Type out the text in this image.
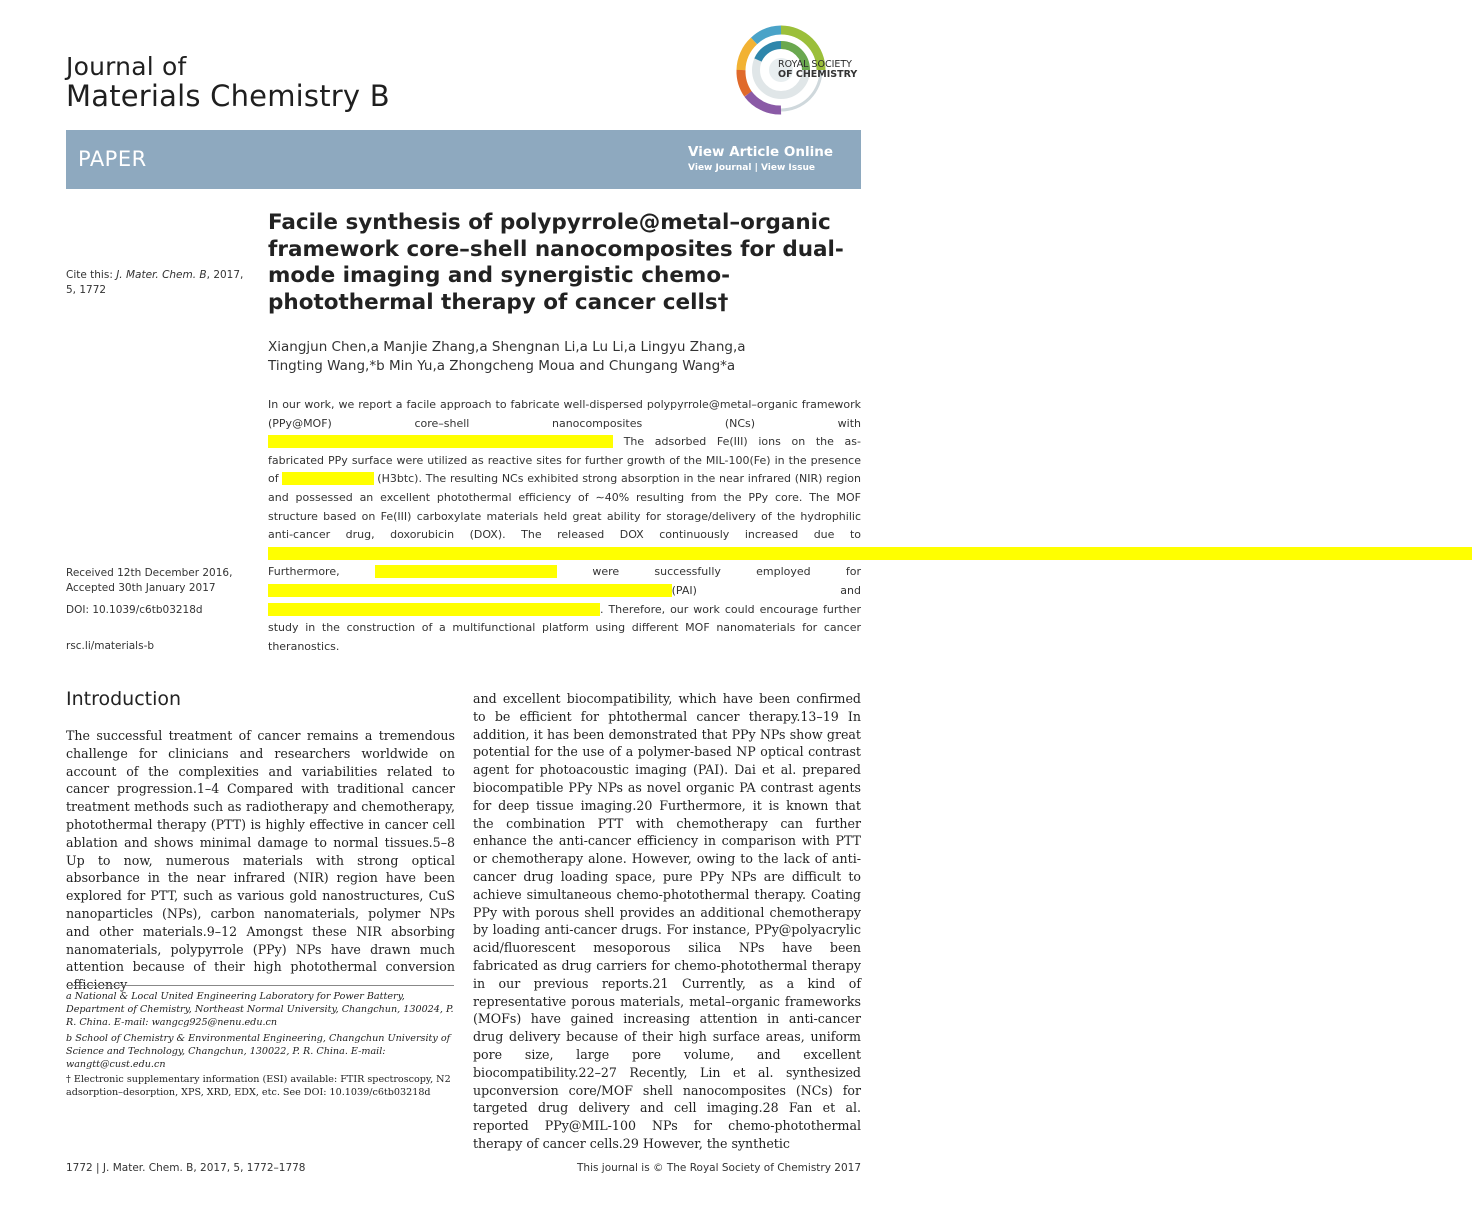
Journal of
Materials Chemistry B
ROYAL SOCIETY
OF CHEMISTRY
PAPER	View Article Online
View Journal | View Issue
Cite this: J. Mater. Chem. B, 2017,
5, 1772
Received 12th December 2016,
Accepted 30th January 2017
DOI: 10.1039/c6tb03218d
rsc.li/materials-b
Facile synthesis of polypyrrole@metal–organic framework core–shell nanocomposites for dual-mode imaging and synergistic chemo-photothermal therapy of cancer cells†
Xiangjun Chen,a Manjie Zhang,a Shengnan Li,a Lu Li,a Lingyu Zhang,a
Tingting Wang,*b Min Yu,a Zhongcheng Moua and Chungang Wang*a
In our work, we report a facile approach to fabricate well-dispersed polypyrrole@metal–organic framework (PPy@MOF) core–shell nanocomposites (NCs) with xxxxxxxxxxxxxxxxxxxxxxxxxxxxxxxxxxxxxxxxxxxxxxxxxxxxx The adsorbed Fe(III) ions on the as-fabricated PPy surface were utilized as reactive sites for further growth of the MIL-100(Fe) in the presence of xxxxxxxxxxxxxx (H3btc). The resulting NCs exhibited strong absorption in the near infrared (NIR) region and possessed an excellent photothermal efficiency of ∼40% resulting from the PPy core. The MOF structure based on Fe(III) carboxylate materials held great ability for storage/delivery of the hydrophilic anti-cancer drug, doxorubicin (DOX). The released DOX continuously increased due to xxxxxxxxxxxxxxxxxxxxxxxxxxxxxxxxxxxxxxxxxxxxxxxxxxxxxxxxxxxxxxxxxxxxxxxxxxxxxxxxxxxxxxxxxxxxxxxxxxxxxxxxxxxxxxxxxxxxxxxxxxxxxxxxxxxxxxxxxxxxxxxxxxxxxxxxxxxxxxxxxxxxxxxxxxxxxxxxxxxxxxxxx Furthermore,	xxxxxxxxxxxxxxxxxxxxxxxxxxxx	were successfully employed for xxxxxxxxxxxxxxxxxxxxxxxxxxxxxxxxxxxxxxxxxxxxxxxxxxxxxxxxxxxxxx(PAI) and xxxxxxxxxxxxxxxxxxxxxxxxxxxxxxxxxxxxxxxxxxxxxxxxxxx. Therefore, our work could encourage further study in the construction of a multifunctional platform using different MOF nanomaterials for cancer theranostics.
Introduction
The successful treatment of cancer remains a tremendous challenge for clinicians and researchers worldwide on account of the complexities and variabilities related to cancer progression.1–4 Compared with traditional cancer treatment methods such as radiotherapy and chemotherapy, photothermal therapy (PTT) is highly effective in cancer cell ablation and shows minimal damage to normal tissues.5–8 Up to now, numerous materials with strong optical absorbance in the near infrared (NIR) region have been explored for PTT, such as various gold nanostructures, CuS nanoparticles (NPs), carbon nanomaterials, polymer NPs and other materials.9–12 Amongst these NIR absorbing nanomaterials, polypyrrole (PPy) NPs have drawn much attention because of their high photothermal conversion efficiency
and excellent biocompatibility, which have been confirmed to be efficient for phtothermal cancer therapy.13–19 In addition, it has been demonstrated that PPy NPs show great potential for the use of a polymer-based NP optical contrast agent for photoacoustic imaging (PAI). Dai et al. prepared biocompatible PPy NPs as novel organic PA contrast agents for deep tissue imaging.20 Furthermore, it is known that the combination PTT with chemotherapy can further enhance the anti-cancer efficiency in comparison with PTT or chemotherapy alone. However, owing to the lack of anti-cancer drug loading space, pure PPy NPs are difficult to achieve simultaneous chemo-photothermal therapy. Coating PPy with porous shell provides an additional chemotherapy by loading anti-cancer drugs. For instance, PPy@polyacrylic acid/fluorescent mesoporous silica NPs have been fabricated as drug carriers for chemo-photothermal therapy in our previous reports.21 Currently, as a kind of representative porous materials, metal–organic frameworks (MOFs) have gained increasing attention in anti-cancer drug delivery because of their high surface areas, uniform pore size, large pore volume, and excellent biocompatibility.22–27 Recently, Lin et al. synthesized upconversion core/MOF shell nanocomposites (NCs) for targeted drug delivery and cell imaging.28 Fan et al. reported PPy@MIL-100 NPs for chemo-photothermal therapy of cancer cells.29 However, the synthetic

a National & Local United Engineering Laboratory for Power Battery, Department of Chemistry, Northeast Normal University, Changchun, 130024, P. R. China. E-mail: wangcg925@nenu.edu.cn

b School of Chemistry & Environmental Engineering, Changchun University of Science and Technology, Changchun, 130022, P. R. China. E-mail: wangtt@cust.edu.cn

† Electronic supplementary information (ESI) available: FTIR spectroscopy, N2 adsorption–desorption, XPS, XRD, EDX, etc. See DOI: 10.1039/c6tb03218d

1772 | J. Mater. Chem. B, 2017, 5, 1772–1778	This journal is © The Royal Society of Chemistry 2017
